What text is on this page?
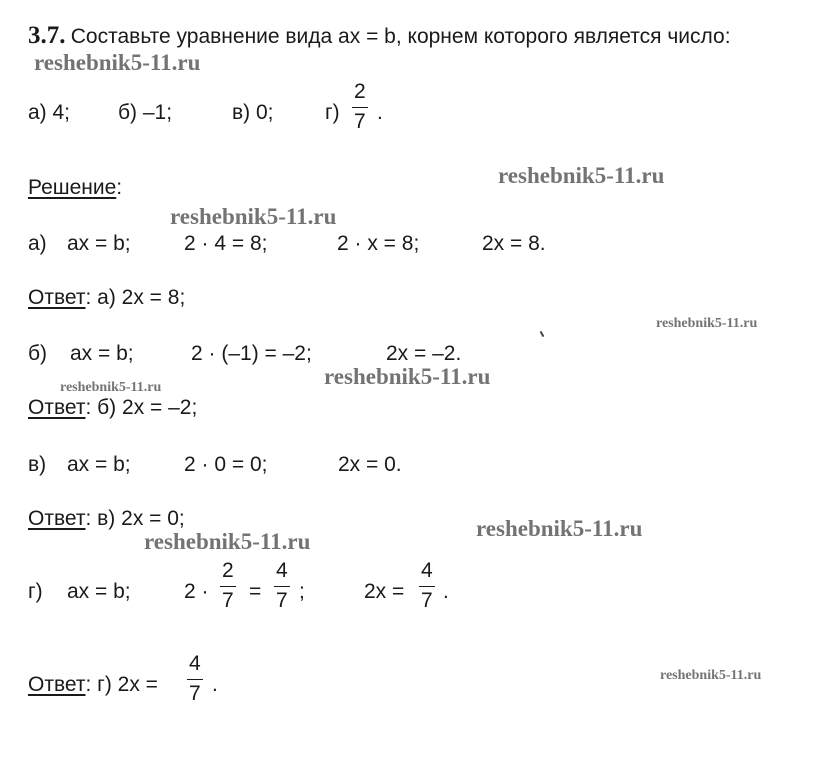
3.7. Составьте уравнение вида ax = b, корнем которого является число:
а) 4; б) –1;	в) 0; г)
2
7 .
Решение:
а) ax = b;	2 · 4 = 8;	2 · x = 8;	2x = 8.
Ответ: а) 2x = 8;
б) ax = b;	2 · (–1) = –2;	2x = –2.
Ответ: б) 2x = –2;
в) ax = b;	2 · 0 = 0;	2x = 0.
Ответ: в) 2x = 0;
г) ax = b;	2 ·
2
7 =
4
7 ;	2x =
4
7 .
Ответ: г) 2x =
4
7 .
reshebnik5-11.ru
reshebnik5-11.ru
reshebnik5-11.ru
reshebnik5-11.ru
reshebnik5-11.ru
reshebnik5-11.ru
reshebnik5-11.ru
reshebnik5-11.ru
reshebnik5-11.ru
